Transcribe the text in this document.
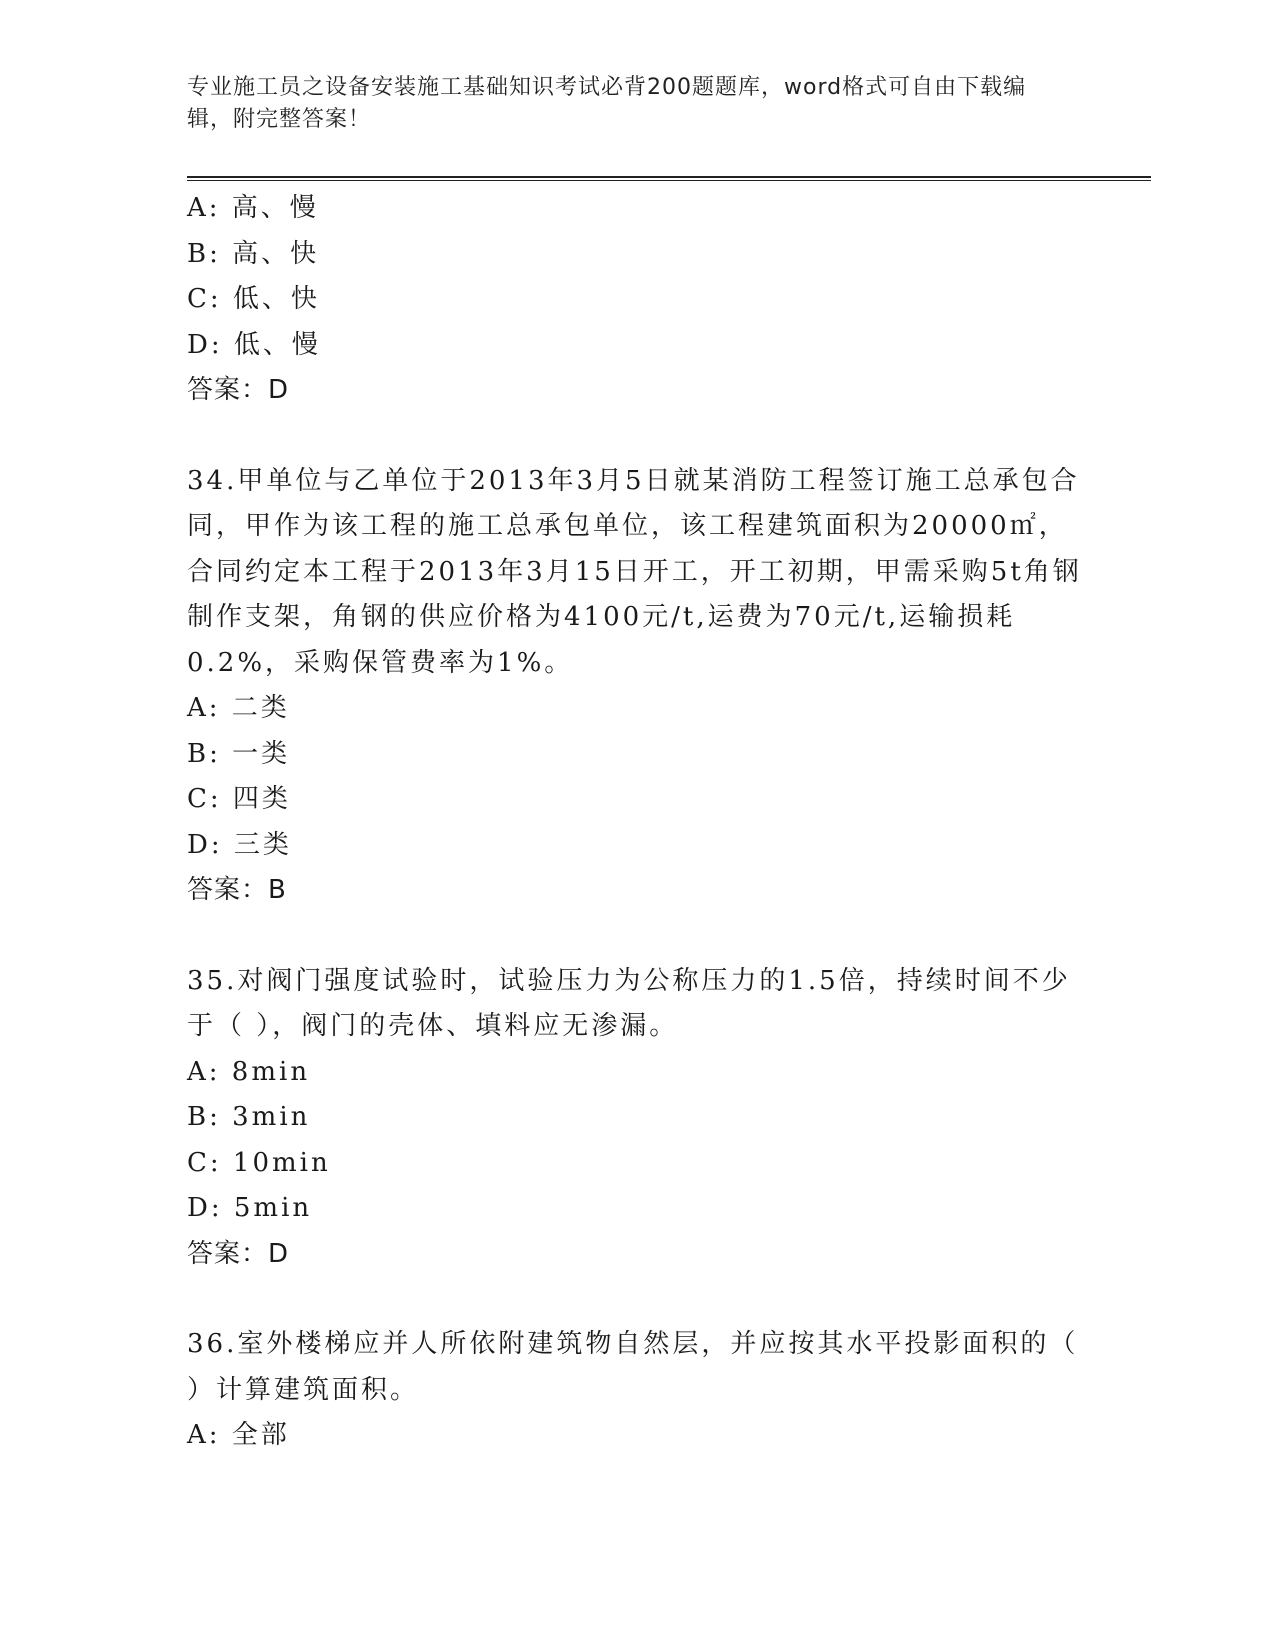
专业施工员之设备安装施工基础知识考试必背200题题库，word格式可自由下载编辑，附完整答案！
A: 高、慢
B: 高、快
C: 低、快
D: 低、慢
答案：D
34.甲单位与乙单位于2013年3月5日就某消防工程签订施工总承包合同，甲作为该工程的施工总承包单位，该工程建筑面积为20000㎡，合同约定本工程于2013年3月15日开工，开工初期，甲需采购5t角钢制作支架，角钢的供应价格为4100元/t,运费为70元/t,运输损耗0.2%，采购保管费率为1%。
A: 二类
B: 一类
C: 四类
D: 三类
答案：B
35.对阀门强度试验时，试验压力为公称压力的1.5倍，持续时间不少于（ ），阀门的壳体、填料应无渗漏。
A: 8min
B: 3min
C: 10min
D: 5min
答案：D
36.室外楼梯应并人所依附建筑物自然层，并应按其水平投影面积的（ ）计算建筑面积。
A: 全部
